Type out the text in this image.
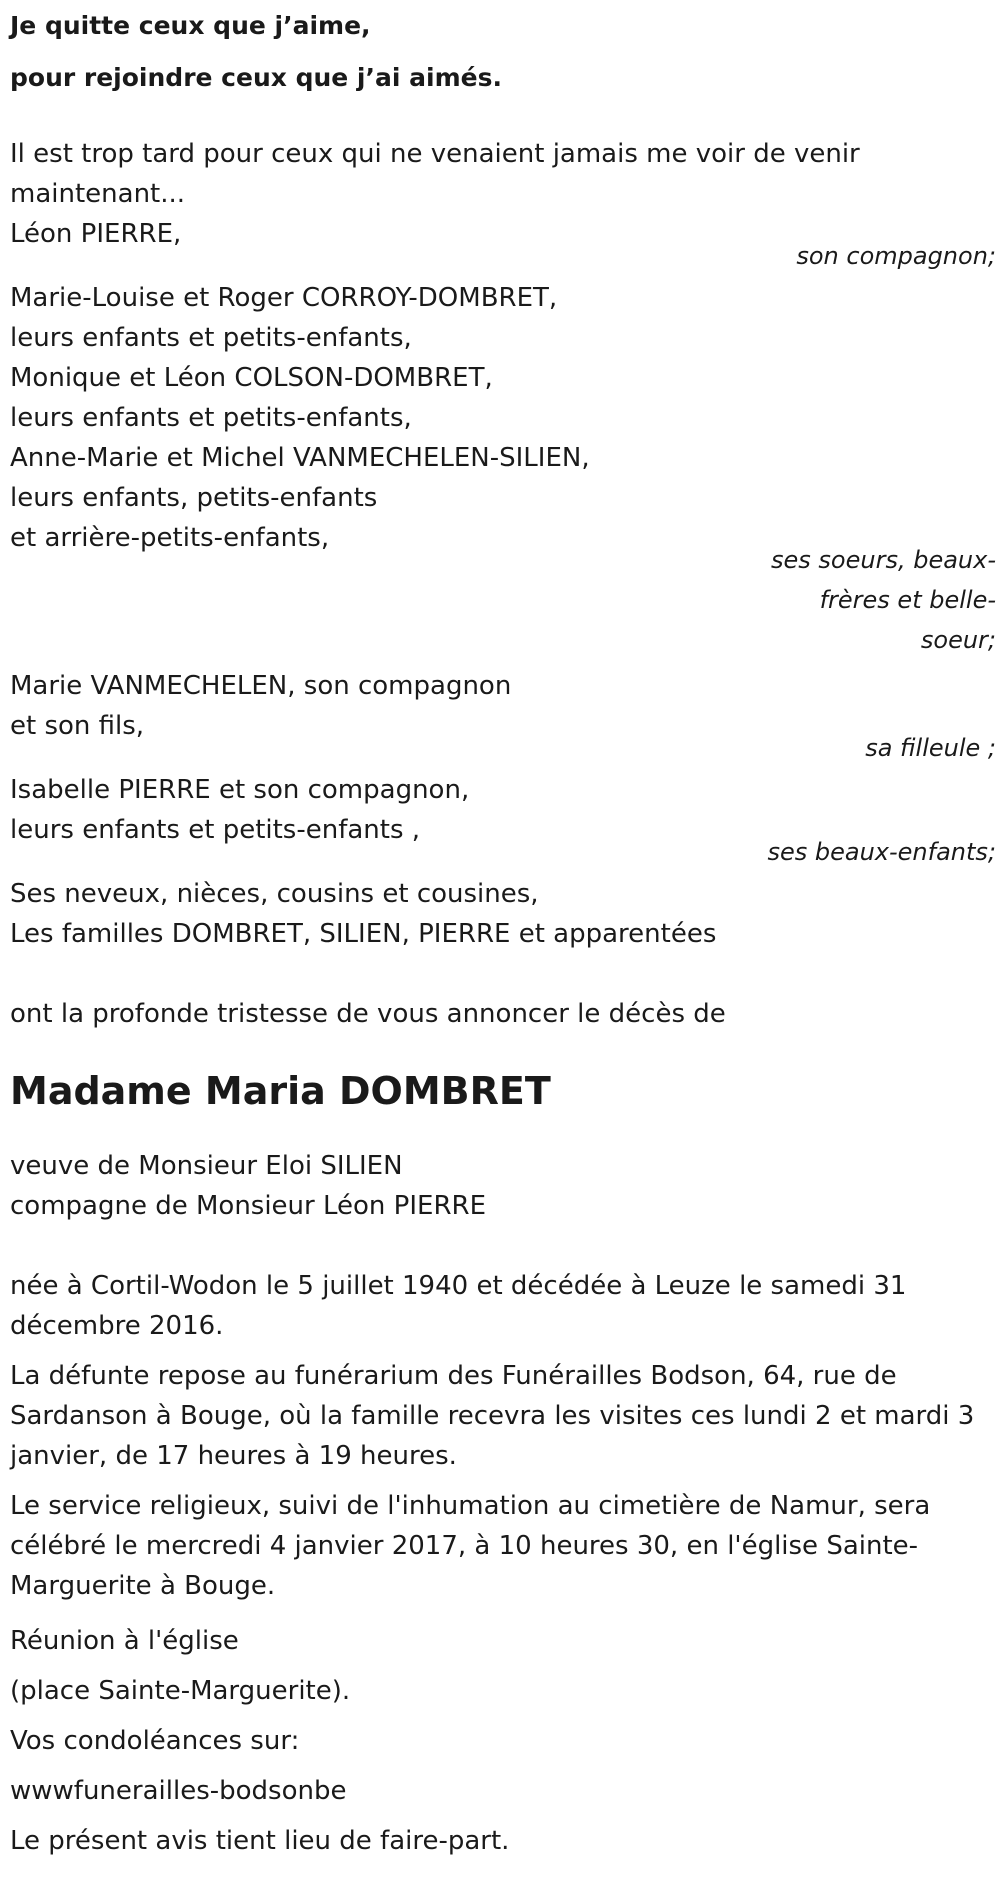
Je quitte ceux que j’aime,
pour rejoindre ceux que j’ai aimés.
Il est trop tard pour ceux qui ne venaient jamais me voir de venir
maintenant...
Léon PIERRE,
son compagnon;
Marie-Louise et Roger CORROY-DOMBRET,
leurs enfants et petits-enfants,
Monique et Léon COLSON-DOMBRET,
leurs enfants et petits-enfants,
Anne-Marie et Michel VANMECHELEN-SILIEN,
leurs enfants, petits-enfants
et arrière-petits-enfants,
ses soeurs, beaux-
frères et belle-
soeur;
Marie VANMECHELEN, son compagnon
et son fils,
sa filleule ;
Isabelle PIERRE et son compagnon,
leurs enfants et petits-enfants ,
ses beaux-enfants;
Ses neveux, nièces, cousins et cousines,
Les familles DOMBRET, SILIEN, PIERRE et apparentées
ont la profonde tristesse de vous annoncer le décès de
Madame Maria DOMBRET
veuve de Monsieur Eloi SILIEN
compagne de Monsieur Léon PIERRE
née à Cortil-Wodon le 5 juillet 1940 et décédée à Leuze le samedi 31
décembre 2016.
La défunte repose au funérarium des Funérailles Bodson, 64, rue de
Sardanson à Bouge, où la famille recevra les visites ces lundi 2 et mardi 3
janvier, de 17 heures à 19 heures.
Le service religieux, suivi de l'inhumation au cimetière de Namur, sera
célébré le mercredi 4 janvier 2017, à 10 heures 30, en l'église Sainte-
Marguerite à Bouge.
Réunion à l'église
(place Sainte-Marguerite).
Vos condoléances sur:
wwwfunerailles-bodsonbe
Le présent avis tient lieu de faire-part.
